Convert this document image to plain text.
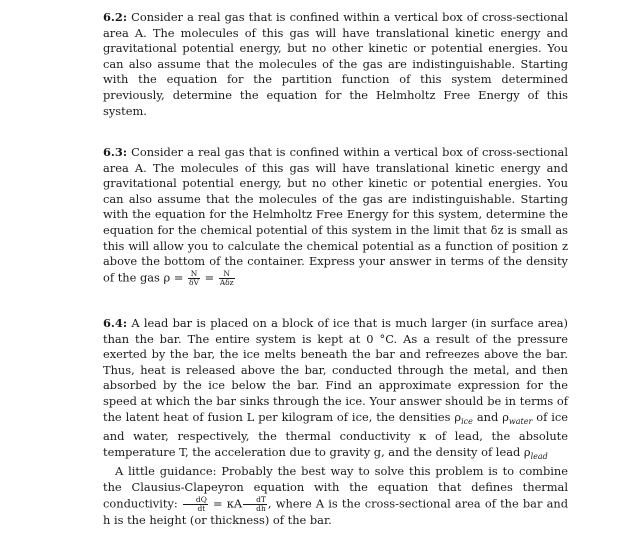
6.2: Consider a real gas that is confined within a vertical box of cross-sectional area A. The molecules of this gas will have translational kinetic energy and gravitational potential energy, but no other kinetic or potential energies. You can also assume that the molecules of the gas are indistinguishable. Starting with the equation for the partition function of this system determined previously, determine the equation for the Helmholtz Free Energy of this system.

6.3: Consider a real gas that is confined within a vertical box of cross-sectional area A. The molecules of this gas will have translational kinetic energy and gravitational potential energy, but no other kinetic or potential energies. You can also assume that the molecules of the gas are indistinguishable. Starting with the equation for the Helmholtz Free Energy for this system, determine the equation for the chemical potential of this system in the limit that δz is small as this will allow you to calculate the chemical potential as a function of position z above the bottom of the container. Express your answer in terms of the density of the gas $\rho = \frac{N}{\delta V} = \frac{N}{\text{Aδz}}$

6.4: A lead bar is placed on a block of ice that is much larger (in surface area) than the bar. The entire system is kept at 0 °C. As a result of the pressure exerted by the bar, the ice melts beneath the bar and refreezes above the bar. Thus, heat is released above the bar, conducted through the metal, and then absorbed by the ice below the bar. Find an approximate expression for the speed at which the bar sinks through the ice. Your answer should be in terms of the latent heat of fusion L per kilogram of ice, the densities $\rho_{ice}$ and $\rho_{water}$ of ice and water, respectively, the thermal conductivity κ of lead, the absolute temperature T, the acceleration due to gravity g, and the density of lead $\rho_{lead}$

A little guidance: Probably the best way to solve this problem is to combine the Clausius-Clapeyron equation with the equation that defines thermal conductivity: $\frac{dQ}{dt} = \kappa A \frac{dT}{dh}$ , where A is the cross-sectional area of the bar and h is the height (or thickness) of the bar.
